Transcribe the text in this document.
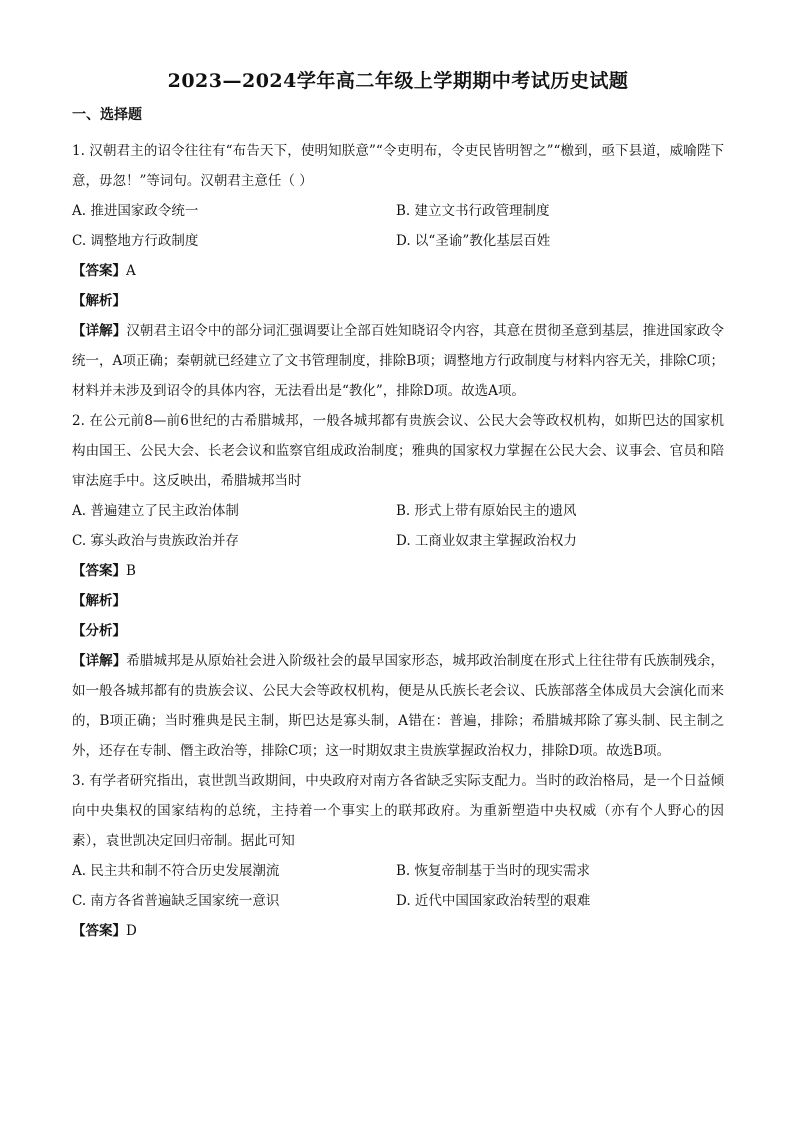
2023—2024学年高二年级上学期期中考试历史试题
一、选择题

1. 汉朝君主的诏令往往有“布告天下，使明知朕意”“令吏明布，令吏民皆明智之”“檄到，亟下县道，威喻陛下意，毋忽！”等词句。汉朝君主意任（ ）

A. 推进国家政令统一	B. 建立文书行政管理制度
C. 调整地方行政制度	D. 以“圣谕”教化基层百姓

【答案】A

【解析】

【详解】汉朝君主诏令中的部分词汇强调要让全部百姓知晓诏令内容，其意在贯彻圣意到基层，推进国家政令统一，A项正确；秦朝就已经建立了文书管理制度，排除B项；调整地方行政制度与材料内容无关，排除C项；材料并未涉及到诏令的具体内容，无法看出是“教化”，排除D项。故选A项。

2. 在公元前8—前6世纪的古希腊城邦，一般各城邦都有贵族会议、公民大会等政权机构，如斯巴达的国家机构由国王、公民大会、长老会议和监察官组成政治制度；雅典的国家权力掌握在公民大会、议事会、官员和陪审法庭手中。这反映出，希腊城邦当时

A. 普遍建立了民主政治体制	B. 形式上带有原始民主的遗风
C. 寡头政治与贵族政治并存	D. 工商业奴隶主掌握政治权力

【答案】B

【解析】

【分析】

【详解】希腊城邦是从原始社会进入阶级社会的最早国家形态，城邦政治制度在形式上往往带有氏族制残余，如一般各城邦都有的贵族会议、公民大会等政权机构，便是从氏族长老会议、氏族部落全体成员大会演化而来的，B项正确；当时雅典是民主制，斯巴达是寡头制，A错在：普遍，排除；希腊城邦除了寡头制、民主制之外，还存在专制、僭主政治等，排除C项；这一时期奴隶主贵族掌握政治权力，排除D项。故选B项。

3. 有学者研究指出，袁世凯当政期间，中央政府对南方各省缺乏实际支配力。当时的政治格局，是一个日益倾向中央集权的国家结构的总统，主持着一个事实上的联邦政府。为重新塑造中央权威（亦有个人野心的因素），袁世凯决定回归帝制。据此可知

A. 民主共和制不符合历史发展潮流	B. 恢复帝制基于当时的现实需求
C. 南方各省普遍缺乏国家统一意识	D. 近代中国国家政治转型的艰难

【答案】D
